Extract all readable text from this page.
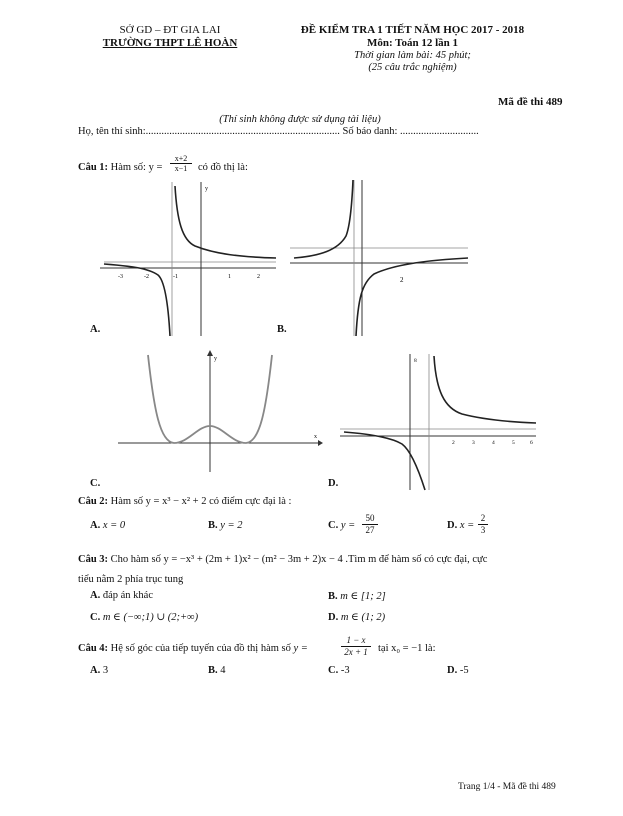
SỞ GD – ĐT GIA LAI
TRƯỜNG THPT LÊ HOÀN
ĐỀ KIỂM TRA 1 TIẾT NĂM HỌC 2017 - 2018
Môn: Toán 12 lần 1
Thời gian làm bài: 45 phút;
(25 câu trắc nghiệm)
Mã đề thi 489
(Thí sinh không được sử dụng tài liệu)
Họ, tên thí sinh:.......................................................................... Số báo danh: ..............................
Câu 1: Hàm số: $y = \frac{x+2}{x-1}$ có đồ thị là:
-3	-2	-1	1	2
y
A.
2
B.
y
x
C.
8
2	3	4	5	6
D.
Câu 2: Hàm số y = x³ − x² + 2 có điểm cực đại là :
A. x = 0	B. y = 2	C. $y = \frac{50}{27}$	D. $x = \frac{2}{3}$
Câu 3: Cho hàm số y = −x³ + (2m + 1)x² − (m² − 3m + 2)x − 4 .Tìm m để hàm số có cực đại, cực
tiểu nằm 2 phía trục tung
A. đáp án khác	B. m ∈ [1; 2]
C. m ∈ (−∞;1) ∪ (2;+∞)	D. m ∈ (1; 2)
Câu 4: Hệ số góc của tiếp tuyến của đồ thị hàm số y =	$\frac{1 - x}{2x + 1}$ tại x₀ = −1 là:
A. 3	B. 4	C. -3	D. -5
Trang 1/4 - Mã đề thi 489
